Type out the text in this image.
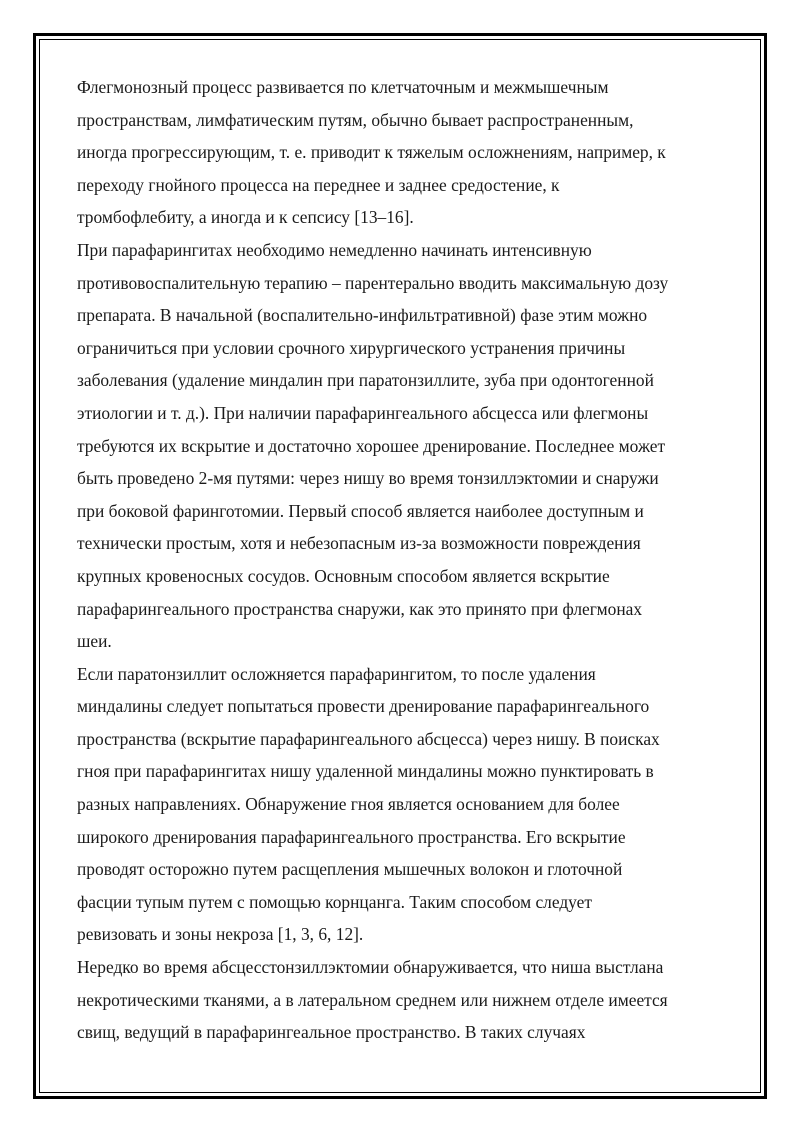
Флегмонозный процесс развивается по клетчаточным и межмышечным
пространствам, лимфатическим путям, обычно бывает распространенным,
иногда прогрессирующим, т. е. приводит к тяжелым осложнениям, например, к
переходу гнойного процесса на переднее и заднее средостение, к
тромбофлебиту, а иногда и к сепсису [13–16].
При парафарингитах необходимо немедленно начинать интенсивную
противовоспалительную терапию – парентерально вводить максимальную дозу
препарата. В начальной (воспалительно-инфильтративной) фазе этим можно
ограничиться при условии срочного хирургического устранения причины
заболевания (удаление миндалин при паратонзиллите, зуба при одонтогенной
этиологии и т. д.). При наличии парафарингеального абсцесса или флегмоны
требуются их вскрытие и достаточно хорошее дренирование. Последнее может
быть проведено 2-мя путями: через нишу во время тонзиллэктомии и снаружи
при боковой фаринготомии. Первый способ является наиболее доступным и
технически простым, хотя и небезопасным из-за возможности повреждения
крупных кровеносных сосудов. Основным способом является вскрытие
парафарингеального пространства снаружи, как это принято при флегмонах
шеи.
Если паратонзиллит осложняется парафарингитом, то после удаления
миндалины следует попытаться провести дренирование парафарингеального
пространства (вскрытие парафарингеального абсцесса) через нишу. В поисках
гноя при парафарингитах нишу удаленной миндалины можно пунктировать в
разных направлениях. Обнаружение гноя является основанием для более
широкого дренирования парафарингеального пространства. Его вскрытие
проводят осторожно путем расщепления мышечных волокон и глоточной
фасции тупым путем с помощью корнцанга. Таким способом следует
ревизовать и зоны некроза [1, 3, 6, 12].
Нередко во время абсцесстонзиллэктомии обнаруживается, что ниша выстлана
некротическими тканями, а в латеральном среднем или нижнем отделе имеется
свищ, ведущий в парафарингеальное пространство. В таких случаях
